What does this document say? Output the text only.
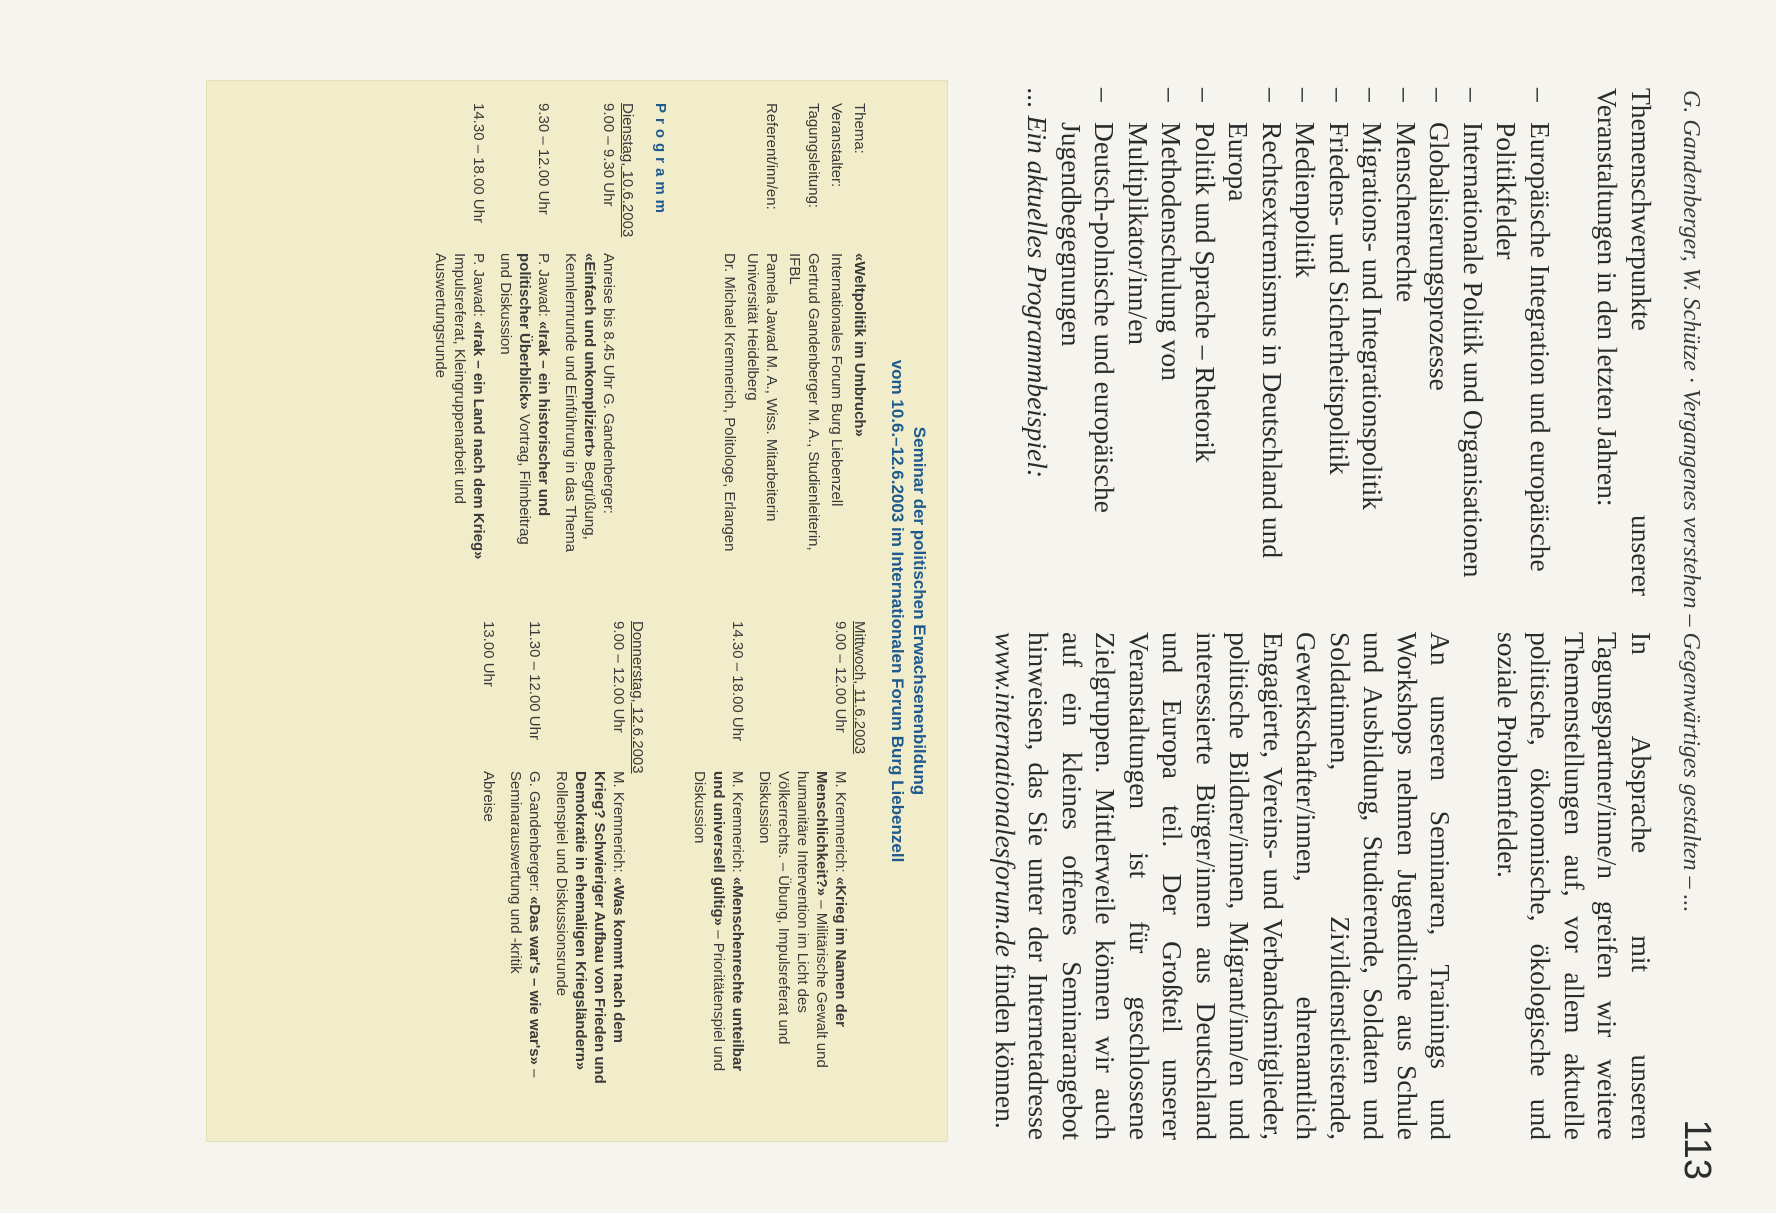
G. Gandenberger, W. Schütze · Vergangenes verstehen – Gegenwärtiges gestalten – ...
113

Themenschwerpunkte unserer Veranstaltungen in den letzten Jahren:

– Europäische Integration und europäische Politikfelder
– Internationale Politik und Organisationen
– Globalisierungsprozesse
– Menschenrechte
– Migrations- und Integrationspolitik
– Friedens- und Sicherheitspolitik
– Medienpolitik
– Rechtsextremismus in Deutschland und Europa
– Politik und Sprache – Rhetorik
– Methodenschulung von Multiplikator/inn/en
– Deutsch-polnische und europäische Jugendbegegnungen

... Ein aktuelles Programmbeispiel:

In Absprache mit unseren Tagungspartner/inne/n greifen wir weitere Themenstellungen auf, vor allem aktuelle politische, ökonomische, ökologische und soziale Problemfelder.

An unseren Seminaren, Trainings und Workshops nehmen Jugendliche aus Schule und Ausbildung, Studierende, Soldaten und Soldatinnen, Zivildienstleistende, Gewerkschafter/innen, ehrenamtlich Engagierte, Vereins- und Verbandsmitglieder, politische Bildner/innen, Migrant/inn/en und interessierte Bürger/innen aus Deutschland und Europa teil. Der Großteil unserer Veranstaltungen ist für geschlossene Zielgruppen. Mittlerweile können wir auch auf ein kleines offenes Seminarangebot hinweisen, das Sie unter der Internetadresse www.internationalesforum.de finden können.

Seminar der politischen Erwachsenenbildung
vom 10.6.–12.6.2003 im Internationalen Forum Burg Liebenzell
Thema:
«Weltpolitik im Umbruch»
Veranstalter:
Internationales Forum Burg Liebenzell
Tagungsleitung:
Gertrud Gandenberger M. A., Studienleiterin, IFBL
Referent/inn/en:
Pamela Jawad M. A., Wiss. Mitarbeiterin Universität Heidelberg
Dr. Michael Kremnerich, Politologe, Erlangen
Programm
Dienstag, 10.6.2003
9.00 – 9.30 Uhr
Anreise bis 8.45 Uhr G. Gandenberger: «Einfach und unkompliziert» Begrüßung, Kennlernrunde und Einführung in das Thema
9.30 – 12.00 Uhr
P. Jawad: «Irak – ein historischer und politischer Überblick» Vortrag, Filmbeitrag und Diskussion
14.30 – 18.00 Uhr
P. Jawad: «Irak – ein Land nach dem Krieg» Impulsreferat, Kleingruppenarbeit und Auswertungsrunde
Mittwoch, 11.6.2003
9.00 – 12.00 Uhr
M. Kremnerich: «Krieg im Namen der Menschlichkeit?» – Militärische Gewalt und humanitäre Intervention im Licht des Völkerrechts. – Übung, Impulsreferat und Diskussion
14.30 – 18.00 Uhr
M. Kremnerich: «Menschenrechte unteilbar und universell gültig» – Prioritätenspiel und Diskussion
Donnerstag, 12.6.2003
9.00 – 12.00 Uhr
M. Kremnerich: «Was kommt nach dem Krieg? Schwieriger Aufbau von Frieden und Demokratie in ehemaligen Kriegsländern» Rollenspiel und Diskussionsrunde
11.30 – 12.00 Uhr
G. Gandenberger: «Das war's – wie war's» – Seminarauswertung und -kritik
13.00 Uhr
Abreise
